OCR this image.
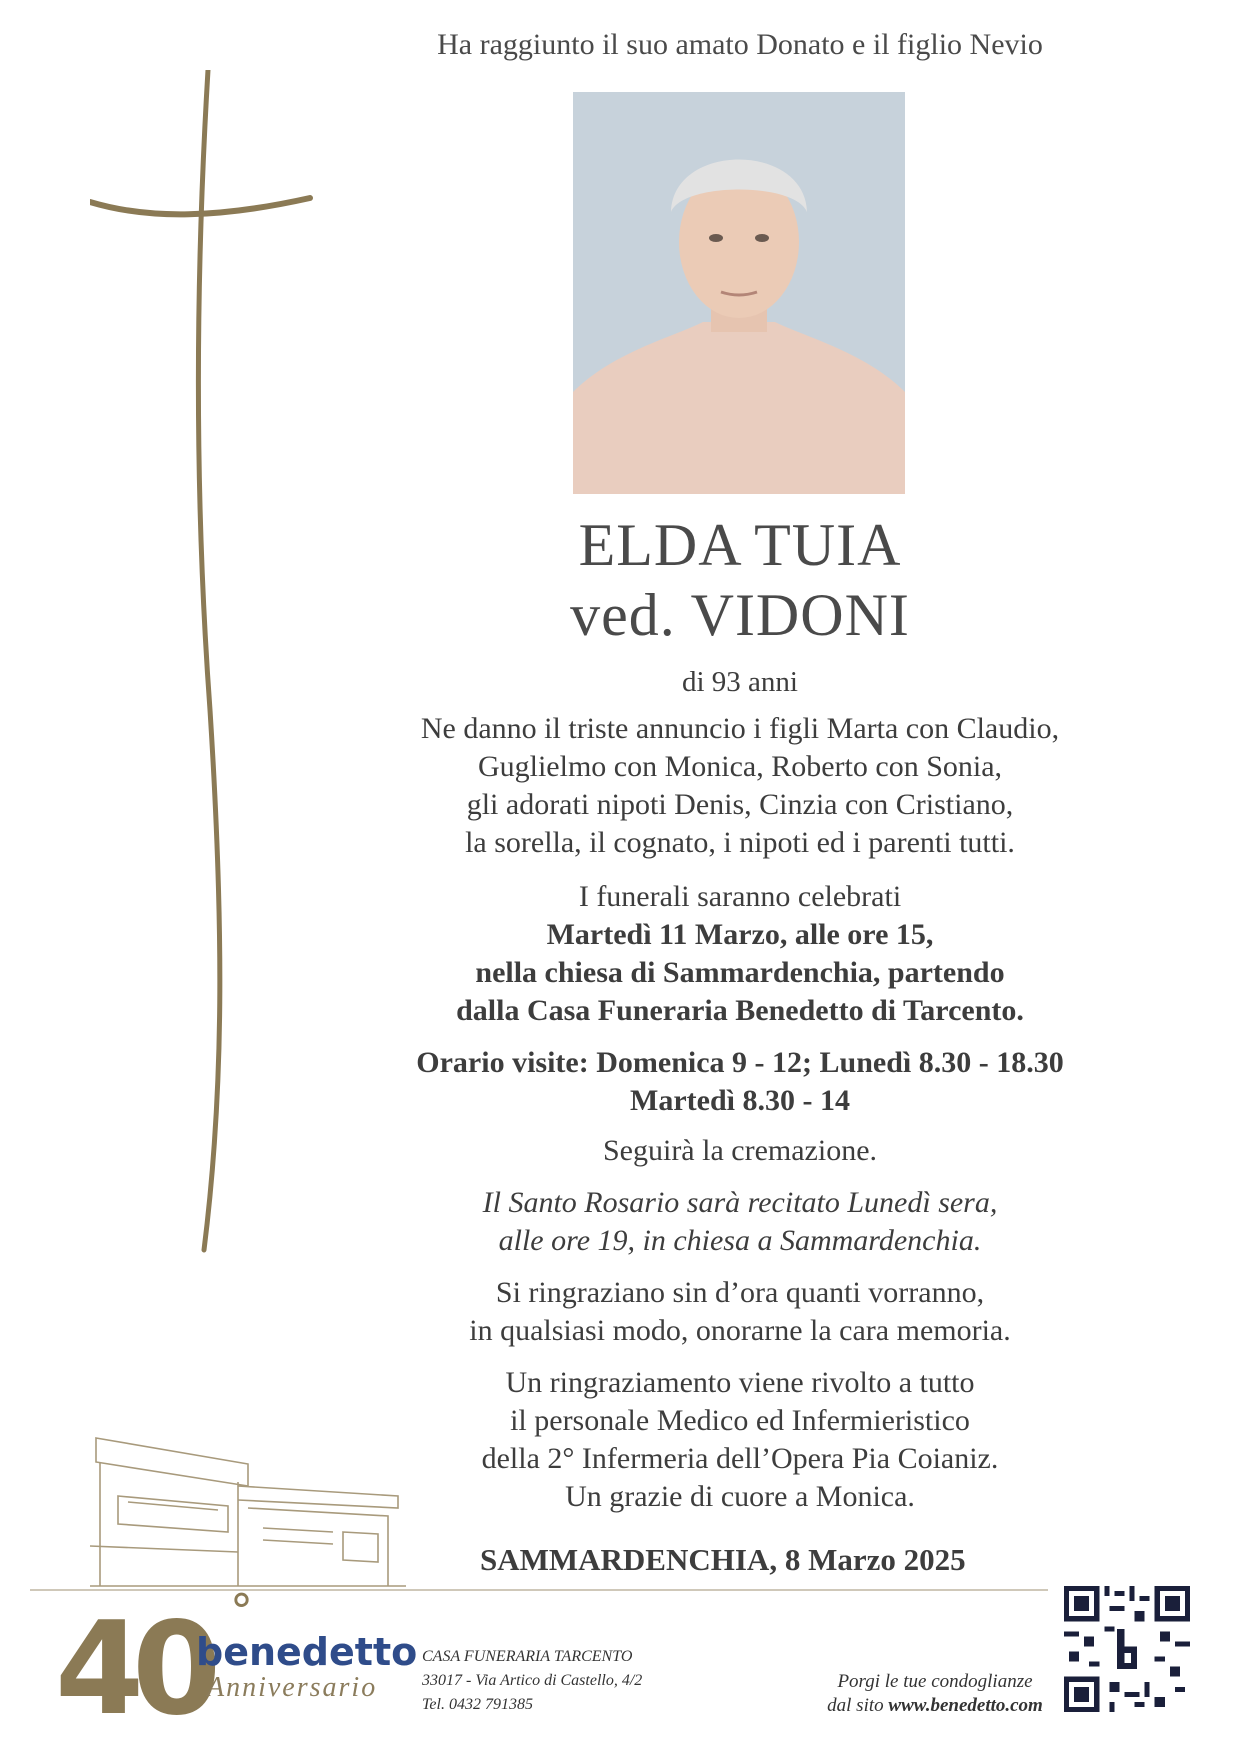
Ha raggiunto il suo amato Donato e il figlio Nevio
ELDA TUIA
ved. VIDONI
di 93 anni
Ne danno il triste annuncio i figli Marta con Claudio,
Guglielmo con Monica, Roberto con Sonia,
gli adorati nipoti Denis, Cinzia con Cristiano,
la sorella, il cognato, i nipoti ed i parenti tutti.
I funerali saranno celebrati
Martedì 11 Marzo, alle ore 15,
nella chiesa di Sammardenchia, partendo
dalla Casa Funeraria Benedetto di Tarcento.
Orario visite: Domenica 9 - 12; Lunedì 8.30 - 18.30
Martedì 8.30 - 14
Seguirà la cremazione.
Il Santo Rosario sarà recitato Lunedì sera,
alle ore 19, in chiesa a Sammardenchia.
Si ringraziano sin d’ora quanti vorranno,
in qualsiasi modo, onorarne la cara memoria.
Un ringraziamento viene rivolto a tutto
il personale Medico ed Infermieristico
della 2° Infermeria dell’Opera Pia Coianiz.
Un grazie di cuore a Monica.
SAMMARDENCHIA, 8 Marzo 2025
40 °
benedetto
Anniversario
CASA FUNERARIA TARCENTO
33017 - Via Artico di Castello, 4/2
Tel. 0432 791385
Porgi le tue condoglianze
dal sito www.benedetto.com
